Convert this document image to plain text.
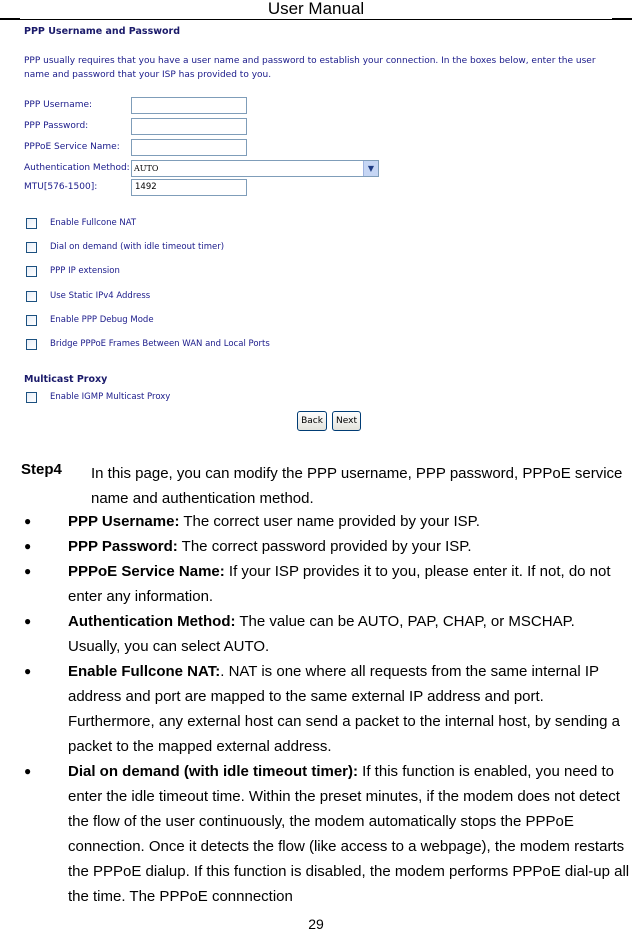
User Manual
PPP Username and Password
PPP usually requires that you have a user name and password to establish your connection. In the boxes below, enter the user name and password that your ISP has provided to you.
PPP Username:
PPP Password:
PPPoE Service Name:
Authentication Method: AUTO	▼
MTU[576-1500]:	1492
Enable Fullcone NAT
Dial on demand (with idle timeout timer)
PPP IP extension
Use Static IPv4 Address
Enable PPP Debug Mode
Bridge PPPoE Frames Between WAN and Local Ports
Multicast Proxy
Enable IGMP Multicast Proxy
Back	Next
Step4 In this page, you can modify the PPP username, PPP password, PPPoE service name and authentication method.
● PPP Username: The correct user name provided by your ISP.
● PPP Password: The correct password provided by your ISP.
● PPPoE Service Name: If your ISP provides it to you, please enter it. If not, do not enter any information.
● Authentication Method: The value can be AUTO, PAP, CHAP, or MSCHAP. Usually, you can select AUTO.
● Enable Fullcone NAT:. NAT is one where all requests from the same internal IP address and port are mapped to the same external IP address and port. Furthermore, any external host can send a packet to the internal host, by sending a packet to the mapped external address.
● Dial on demand (with idle timeout timer): If this function is enabled, you need to enter the idle timeout time. Within the preset minutes, if the modem does not detect the flow of the user continuously, the modem automatically stops the PPPoE connection. Once it detects the flow (like access to a webpage), the modem restarts the PPPoE dialup. If this function is disabled, the modem performs PPPoE dial-up all the time. The PPPoE connnection
29
